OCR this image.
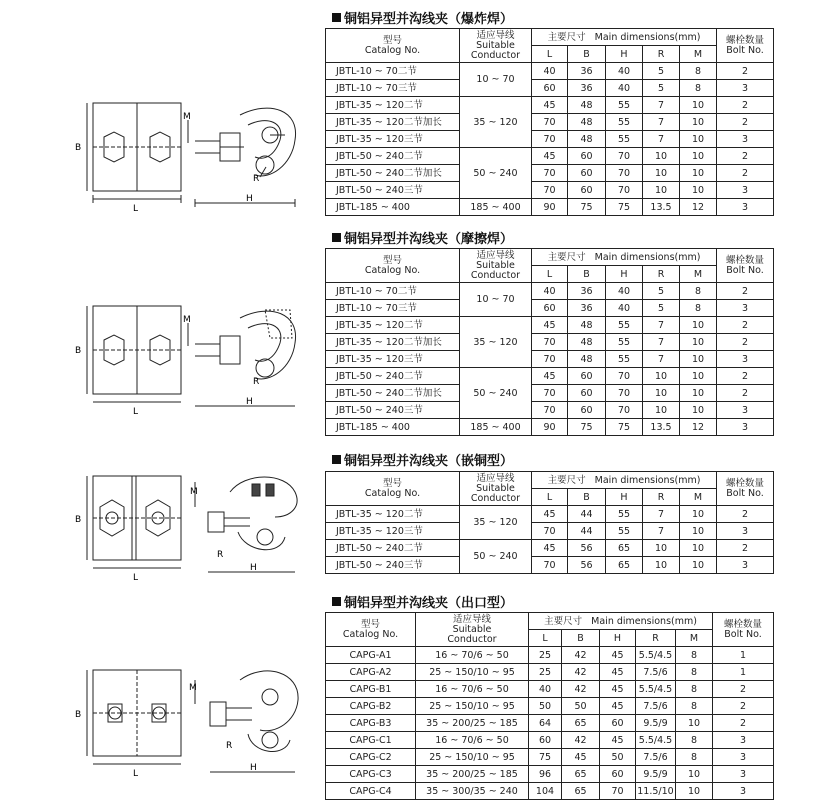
铜铝异型并沟线夹（爆炸焊）
B
L
H
M
R
型号
Catalog No.	适应导线
Suitable
Conductor	主要尺寸 Main dimensions(mm)					螺栓数量
Bolt No.

		L	B	H	R	M	
JBTL-10 ~ 70二节	10 ~ 70	40	36	40	5	8	2
JBTL-10 ~ 70三节		60	36	40	5	8	3
JBTL-35 ~ 120二节	35 ~ 120	45	48	55	7	10	2
JBTL-35 ~ 120二节加长		70	48	55	7	10	2
JBTL-35 ~ 120三节		70	48	55	7	10	3
JBTL-50 ~ 240二节	50 ~ 240	45	60	70	10	10	2
JBTL-50 ~ 240二节加长		70	60	70	10	10	2
JBTL-50 ~ 240三节		70	60	70	10	10	3
JBTL-185 ~ 400	185 ~ 400	90	75	75	13.5	12	3
铜铝异型并沟线夹（摩擦焊）
B
L
H
M
R
型号
Catalog No.	适应导线
Suitable
Conductor	主要尺寸 Main dimensions(mm)					螺栓数量
Bolt No.

		L	B	H	R	M	
JBTL-10 ~ 70二节	10 ~ 70	40	36	40	5	8	2
JBTL-10 ~ 70三节		60	36	40	5	8	3
JBTL-35 ~ 120二节	35 ~ 120	45	48	55	7	10	2
JBTL-35 ~ 120二节加长		70	48	55	7	10	2
JBTL-35 ~ 120三节		70	48	55	7	10	3
JBTL-50 ~ 240二节	50 ~ 240	45	60	70	10	10	2
JBTL-50 ~ 240二节加长		70	60	70	10	10	2
JBTL-50 ~ 240三节		70	60	70	10	10	3
JBTL-185 ~ 400	185 ~ 400	90	75	75	13.5	12	3
铜铝异型并沟线夹（嵌铜型）
B
L
H
M
R
型号
Catalog No.	适应导线
Suitable
Conductor	主要尺寸 Main dimensions(mm)					螺栓数量
Bolt No.

		L	B	H	R	M	
JBTL-35 ~ 120二节	35 ~ 120	45	44	55	7	10	2
JBTL-35 ~ 120三节		70	44	55	7	10	3
JBTL-50 ~ 240二节	50 ~ 240	45	56	65	10	10	2
JBTL-50 ~ 240三节		70	56	65	10	10	3
铜铝异型并沟线夹（出口型）
B
L
H
M
R
型号
Catalog No.	适应导线
Suitable
Conductor	主要尺寸 Main dimensions(mm)					螺栓数量
Bolt No.

		L	B	H	R	M	
CAPG-A1	16 ~ 70/6 ~ 50	25	42	45	5.5/4.5	8	1
CAPG-A2	25 ~ 150/10 ~ 95	25	42	45	7.5/6	8	1
CAPG-B1	16 ~ 70/6 ~ 50	40	42	45	5.5/4.5	8	2
CAPG-B2	25 ~ 150/10 ~ 95	50	50	45	7.5/6	8	2
CAPG-B3	35 ~ 200/25 ~ 185	64	65	60	9.5/9	10	2
CAPG-C1	16 ~ 70/6 ~ 50	60	42	45	5.5/4.5	8	3
CAPG-C2	25 ~ 150/10 ~ 95	75	45	50	7.5/6	8	3
CAPG-C3	35 ~ 200/25 ~ 185	96	65	60	9.5/9	10	3
CAPG-C4	35 ~ 300/35 ~ 240	104	65	70	11.5/10	10	3
